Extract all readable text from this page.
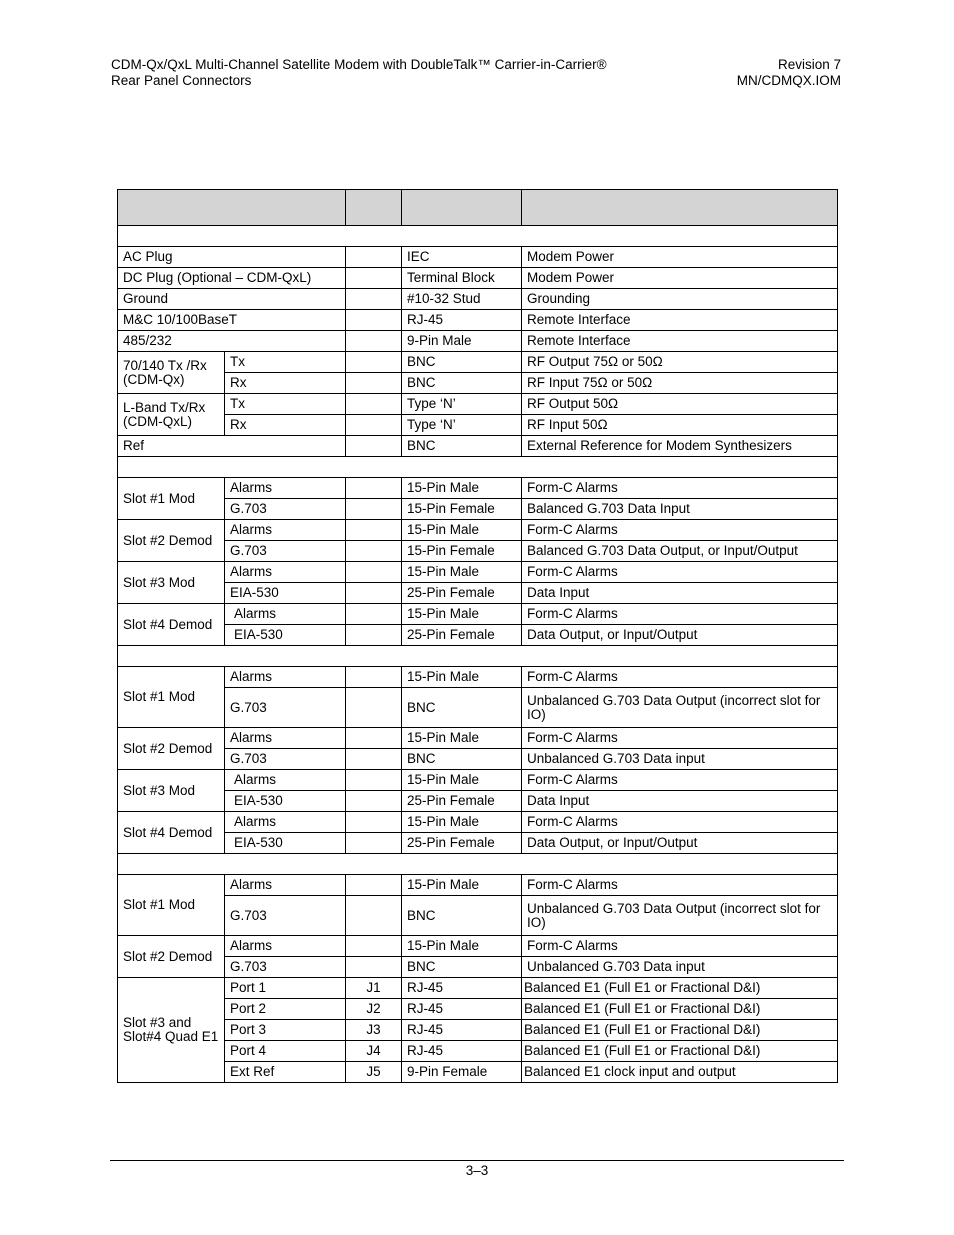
CDM-Qx/QxL Multi-Channel Satellite Modem with DoubleTalk™ Carrier-in-Carrier®
Rear Panel Connectors
Revision 7
MN/CDMQX.IOM

AC Plug			IEC	Modem Power
DC Plug (Optional – CDM-QxL)			Terminal Block	Modem Power
Ground			#10-32 Stud	Grounding
M&C 10/100BaseT			RJ-45	Remote Interface
485/232			9-Pin Male	Remote Interface
70/140 Tx /Rx (CDM-Qx)	Tx		BNC	RF Output 75Ω or 50Ω
	Rx		BNC	RF Input 75Ω or 50Ω
L-Band Tx/Rx (CDM-QxL)	Tx		Type ‘N’	RF Output 50Ω
	Rx		Type ‘N’	RF Input 50Ω
Ref			BNC	External Reference for Modem Synthesizers

Slot #1 Mod	Alarms		15-Pin Male	Form-C Alarms
	G.703		15-Pin Female	Balanced G.703 Data Input
Slot #2 Demod	Alarms		15-Pin Male	Form-C Alarms
	G.703		15-Pin Female	Balanced G.703 Data Output, or Input/Output
Slot #3 Mod	Alarms		15-Pin Male	Form-C Alarms
	EIA-530		25-Pin Female	Data Input
Slot #4 Demod	Alarms		15-Pin Male	Form-C Alarms
	EIA-530		25-Pin Female	Data Output, or Input/Output

Slot #1 Mod	Alarms		15-Pin Male	Form-C Alarms
	G.703		BNC	Unbalanced G.703 Data Output (incorrect slot for IO)
Slot #2 Demod	Alarms		15-Pin Male	Form-C Alarms
	G.703		BNC	Unbalanced G.703 Data input
Slot #3 Mod	Alarms		15-Pin Male	Form-C Alarms
	EIA-530		25-Pin Female	Data Input
Slot #4 Demod	Alarms		15-Pin Male	Form-C Alarms
	EIA-530		25-Pin Female	Data Output, or Input/Output

Slot #1 Mod	Alarms		15-Pin Male	Form-C Alarms
	G.703		BNC	Unbalanced G.703 Data Output (incorrect slot for IO)
Slot #2 Demod	Alarms		15-Pin Male	Form-C Alarms
	G.703		BNC	Unbalanced G.703 Data input
Slot #3 and Slot#4 Quad E1	Port 1	J1	RJ-45	Balanced E1 (Full E1 or Fractional D&I)
	Port 2	J2	RJ-45	Balanced E1 (Full E1 or Fractional D&I)
	Port 3	J3	RJ-45	Balanced E1 (Full E1 or Fractional D&I)
	Port 4	J4	RJ-45	Balanced E1 (Full E1 or Fractional D&I)
	Ext Ref	J5	9-Pin Female	Balanced E1 clock input and output
3–3
